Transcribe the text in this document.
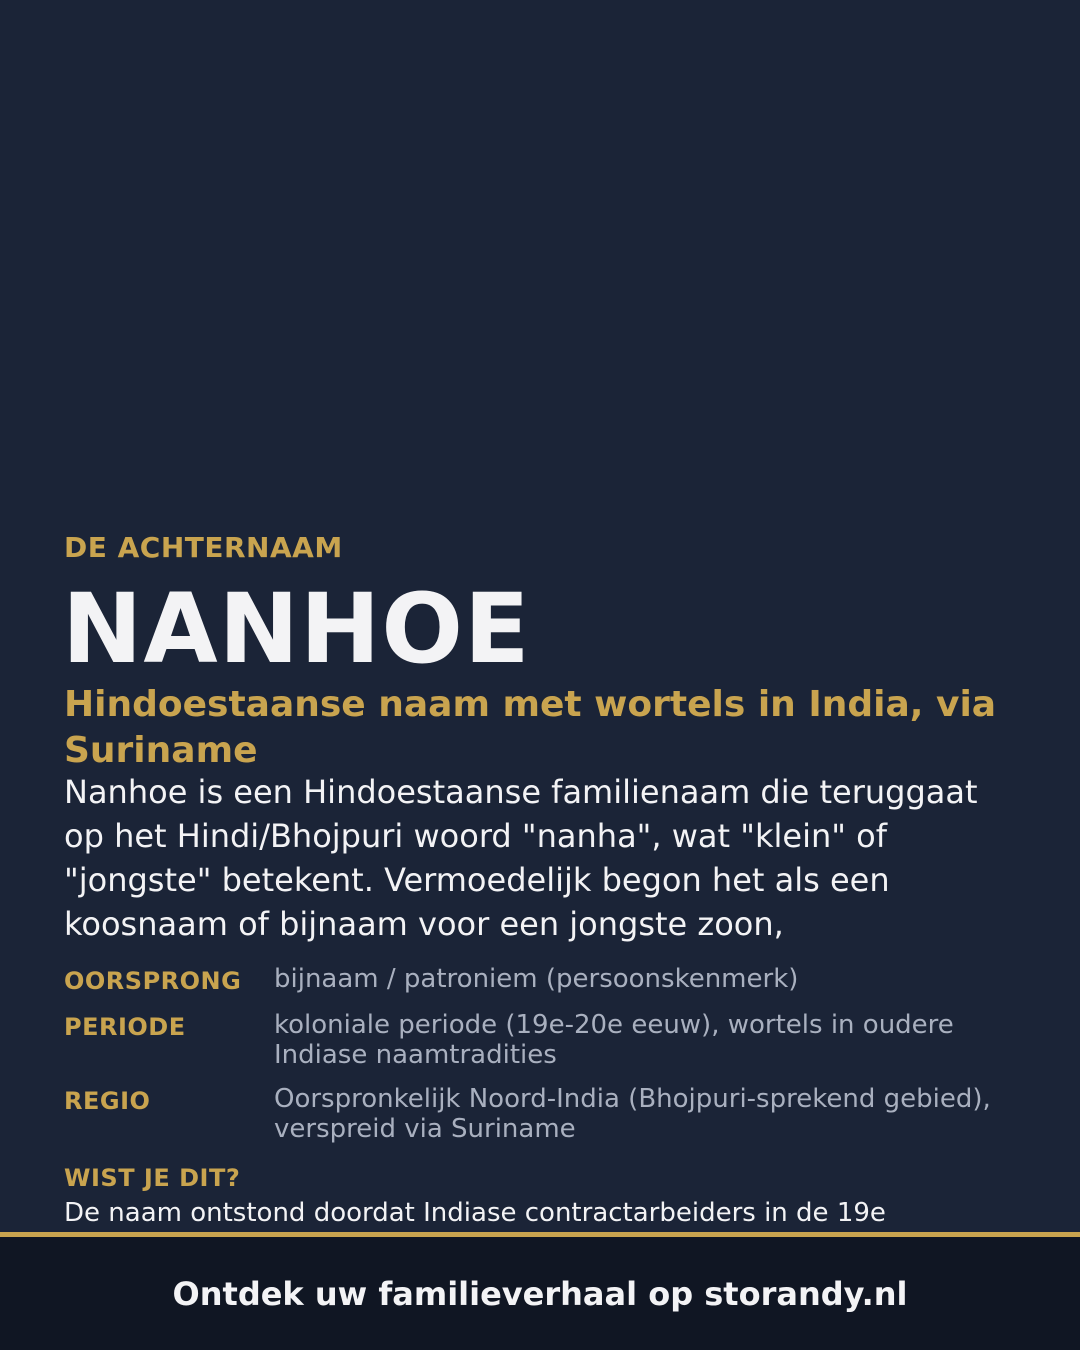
DE ACHTERNAAM
NANHOE
Hindoestaanse naam met wortels in India, via Suriname
Nanhoe is een Hindoestaanse familienaam die teruggaat op het Hindi/Bhojpuri woord "nanha", wat "klein" of "jongste" betekent. Vermoedelijk begon het als een koosnaam of bijnaam voor een jongste zoon,
OORSPRONG	bijnaam / patroniem (persoonskenmerk)
PERIODE	koloniale periode (19e-20e eeuw), wortels in oudere Indiase naamtradities
REGIO	Oorspronkelijk Noord-India (Bhojpuri-sprekend gebied), verspreid via Suriname
WIST JE DIT?
De naam ontstond doordat Indiase contractarbeiders in de 19e
Ontdek uw familieverhaal op storandy.nl
